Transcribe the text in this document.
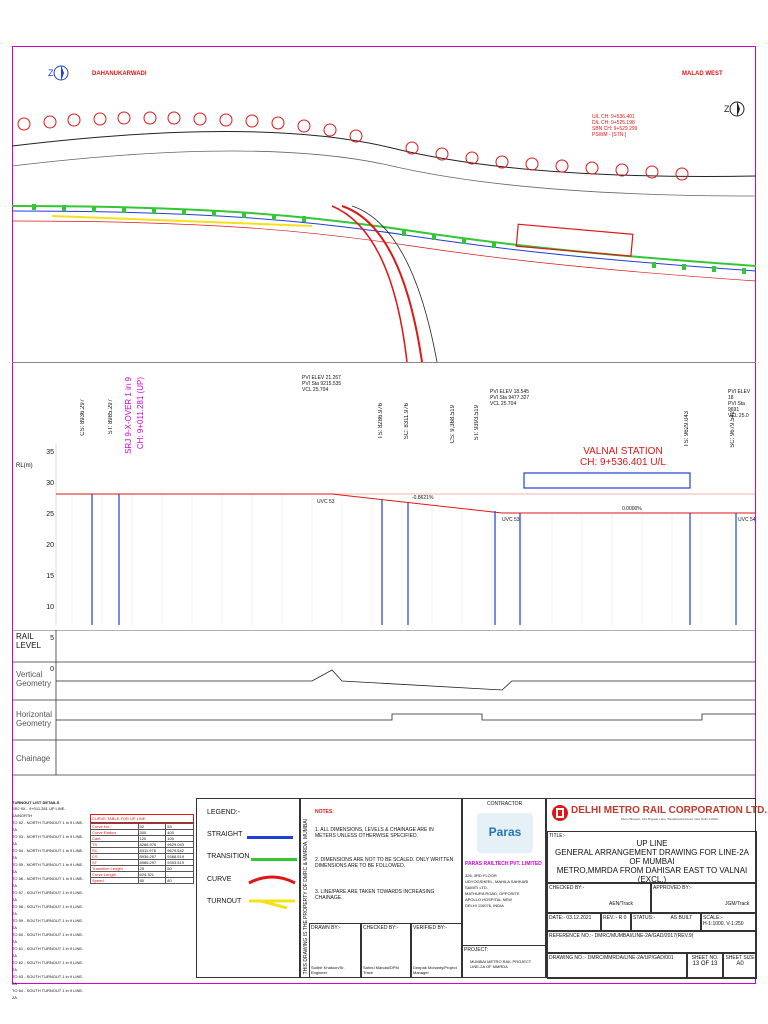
Z	DAHANUKARWADI	MALAD WEST
Z
U/L CH: 9+536.401
D/L CH: 9+525.198
SBN CH: 9+529.299
PSWM - [STN.]
RL(m)
35
30
25
20
15
10
5
0
CS: 8936.297	ST: 8985.297	TS: 8286.976	SC: 8311.976	CS: 9,368.519	ST: 9393.519	TS: 9629.043	SC: 9679.542
SRJ 9-X-OVER 1 in 9 CH: 9+011.281 (UP)	PVI ELEV 21.267
PVI Sta 9215.535
VCL 25.704	PVI ELEV 18.545
PVI Sta 9477.327
VCL 25.704
PVI ELEV 18
PVI Sta 9691
VCL 25.0
VALNAI STATION
CH: 9+536.401 U/L
UVC 53
UVC 53	UVC 54
-0.8621%
0.0000%
RAIL LEVEL
Vertical Geometry
Horizontal Geometry
Chainage
TURNOUT LIST DETAILS
SRJ 9X - 9+011.281 UP LINE-2A/NORTH
TO 52 - NORTH TURNOUT 1 in 9 LINE-2A
TO 53 - NORTH TURNOUT 1 in 9 LINE-2A
TO 54 - NORTH TURNOUT 1 in 9 LINE-2A
TO 55 - NORTH TURNOUT 1 in 9 LINE-2A
TO 56 - NORTH TURNOUT 1 in 9 LINE-2A
TO 57 - SOUTH TURNOUT 1 in 9 LINE-2A
TO 58 - SOUTH TURNOUT 1 in 9 LINE-2A
TO 59 - SOUTH TURNOUT 1 in 9 LINE-2A
TO 60 - SOUTH TURNOUT 1 in 9 LINE-2A
TO 61 - SOUTH TURNOUT 1 in 9 LINE-2A
TO 62 - SOUTH TURNOUT 1 in 9 LINE-2A
TO 63 - SOUTH TURNOUT 1 in 9 LINE-2A
TO 64 - SOUTH TURNOUT 1 in 9 LINE-2A
CURVE TABLE FOR UP LINE
Curve No.	52	53
Curve Radius	300	400
Cant	120	100
TS	8286.976	9629.043
SC	8311.976	9679.542
CS	8936.297	9368.519
ST	8985.297	9393.519
Transition Length	25	50
Curve Length	624.321	-
Speed	80	80
LEGEND:-
STRAIGHT
TRANSITION
CURVE
TURNOUT	THIS DRAWING IS THE PROPERTY OF DMRC & MMRDA, MUMBAI
NOTES:
1. ALL DIMENSIONS, LEVELS & CHAINAGE ARE IN METERS UNLESS OTHERWISE SPECIFIED.
2. DIMENSIONS ARE NOT TO BE SCALED. ONLY WRITTEN DIMENSIONS ARE TO BE FOLLOWED.
3. LINE/PARE ARE TAKEN TOWARDS INCREASING CHAINAGE.
DRAWN BY:-
Sudhir Khatoon/Sr. Engineer
CHECKED BY:-
Sahnu Mandal/DPM Track
VERIFIED BY:-
Deepak Mohanty/Project Manager
CONTRACTOR
Paras
PARAS RAILTECH PVT. LIMITED
326, 3RD FLOOR
UDYOGSHEEL, MAHILA SAHKARI
SAMITI LTD.
MATHURA ROAD, OPPOSITE
APOLLO HOSPITAL NEW
DELHI 110076, INDIA
PROJECT:
MUMBAI METRO RAIL PROJECT
LINE-2A OF MMRDA
DELHI METRO RAIL CORPORATION LTD.
Metro Bhawan, Fire Brigade Lane, Barakhamba Road, New Delhi-110001
TITLE:-
UP LINE
GENERAL ARRANGEMENT DRAWING FOR LINE-2A OF MUMBAI
METRO,MMRDA FROM DAHISAR EAST TO VALNAI (EXCL.)
CHECKED BY:-
AEN/Track
APPROVED BY:-
JGM/Track
DATE:- 03.12.2021	REV.:- R 0	STATUS:-	AS BUILT	SCALE:-
H-1:1000, V-1:250
REFERENCE NO.:- DMRC/MUMBAI/LINE-2A/GAD/2017(REV.9)
DRAWING NO.:- DMRC/MMRDA/LINE-2A/UP/GAD/001	SHEET NO.
13 OF 13
SHEET SIZE
A0
